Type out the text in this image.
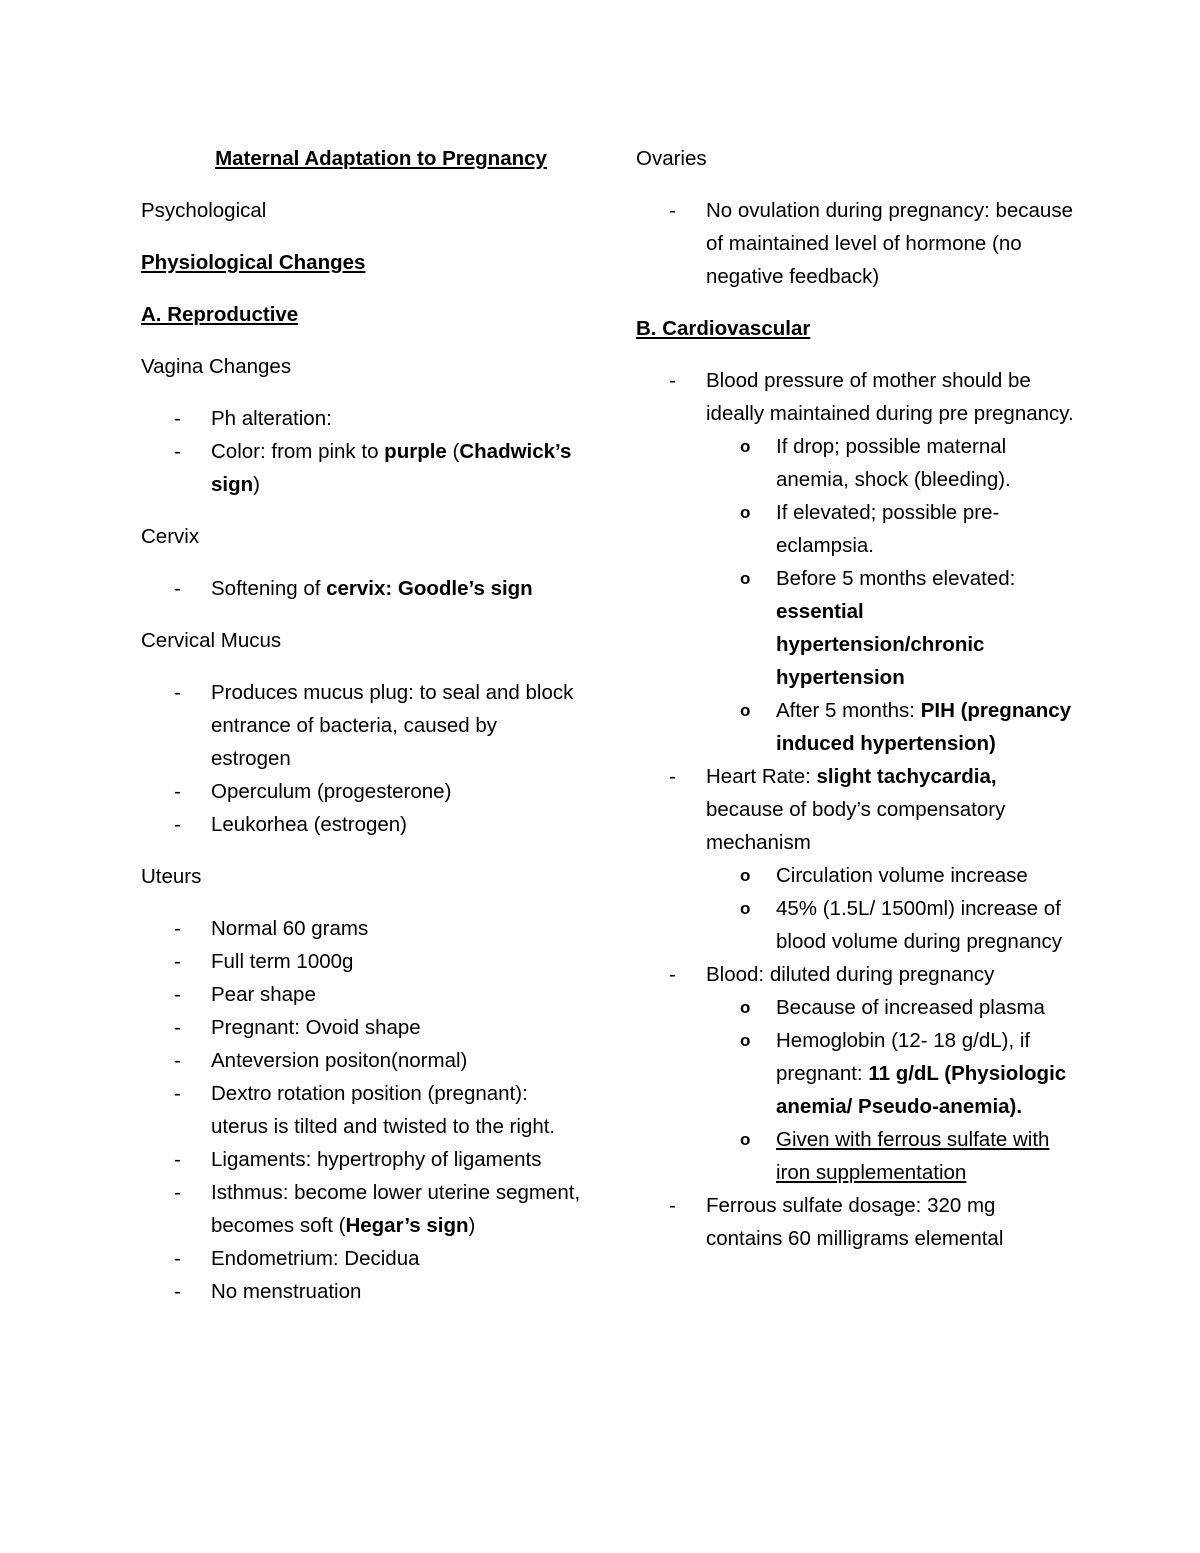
Maternal Adaptation to Pregnancy

Psychological

Physiological Changes

A. Reproductive

Vagina Changes

- Ph alteration:
- Color: from pink to purple (Chadwick’s sign)

Cervix

- Softening of cervix: Goodle’s sign

Cervical Mucus

- Produces mucus plug: to seal and block entrance of bacteria, caused by estrogen
- Operculum (progesterone)
- Leukorhea (estrogen)

Uteurs

- Normal 60 grams
- Full term 1000g
- Pear shape
- Pregnant: Ovoid shape
- Anteversion positon(normal)
- Dextro rotation position (pregnant): uterus is tilted and twisted to the right.
- Ligaments: hypertrophy of ligaments
- Isthmus: become lower uterine segment, becomes soft (Hegar’s sign)
- Endometrium: Decidua
- No menstruation

Ovaries

- No ovulation during pregnancy: because of maintained level of hormone (no negative feedback)

B. Cardiovascular

- Blood pressure of mother should be ideally maintained during pre pregnancy.
o If drop; possible maternal anemia, shock (bleeding).
o If elevated; possible pre-eclampsia.
o Before 5 months elevated: essential hypertension/chronic hypertension
o After 5 months: PIH (pregnancy induced hypertension)
- Heart Rate: slight tachycardia, because of body’s compensatory mechanism
o Circulation volume increase
o 45% (1.5L/ 1500ml) increase of blood volume during pregnancy
- Blood: diluted during pregnancy
o Because of increased plasma
o Hemoglobin (12- 18 g/dL), if pregnant: 11 g/dL (Physiologic anemia/ Pseudo-anemia).
o Given with ferrous sulfate with iron supplementation
- Ferrous sulfate dosage: 320 mg contains 60 milligrams elemental
